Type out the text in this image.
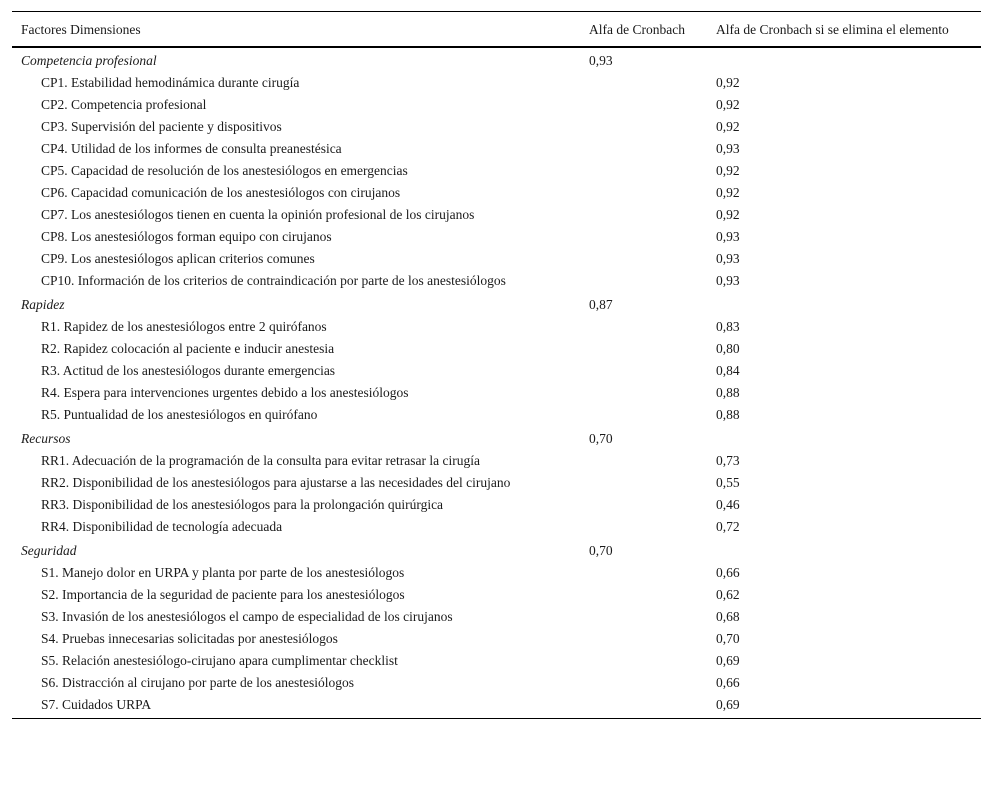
Factores Dimensiones	Alfa de Cronbach	Alfa de Cronbach si se elimina el elemento
Competencia profesional	0,93	
CP1. Estabilidad hemodinámica durante cirugía		0,92
CP2. Competencia profesional		0,92
CP3. Supervisión del paciente y dispositivos		0,92
CP4. Utilidad de los informes de consulta preanestésica		0,93
CP5. Capacidad de resolución de los anestesiólogos en emergencias		0,92
CP6. Capacidad comunicación de los anestesiólogos con cirujanos		0,92
CP7. Los anestesiólogos tienen en cuenta la opinión profesional de los cirujanos		0,92
CP8. Los anestesiólogos forman equipo con cirujanos		0,93
CP9. Los anestesiólogos aplican criterios comunes		0,93
CP10. Información de los criterios de contraindicación por parte de los anestesiólogos		0,93
Rapidez	0,87	
R1. Rapidez de los anestesiólogos entre 2 quirófanos		0,83
R2. Rapidez colocación al paciente e inducir anestesia		0,80
R3. Actitud de los anestesiólogos durante emergencias		0,84
R4. Espera para intervenciones urgentes debido a los anestesiólogos		0,88
R5. Puntualidad de los anestesiólogos en quirófano		0,88
Recursos	0,70	
RR1. Adecuación de la programación de la consulta para evitar retrasar la cirugía		0,73
RR2. Disponibilidad de los anestesiólogos para ajustarse a las necesidades del cirujano		0,55
RR3. Disponibilidad de los anestesiólogos para la prolongación quirúrgica		0,46
RR4. Disponibilidad de tecnología adecuada		0,72
Seguridad	0,70	
S1. Manejo dolor en URPA y planta por parte de los anestesiólogos		0,66
S2. Importancia de la seguridad de paciente para los anestesiólogos		0,62
S3. Invasión de los anestesiólogos el campo de especialidad de los cirujanos		0,68
S4. Pruebas innecesarias solicitadas por anestesiólogos		0,70
S5. Relación anestesiólogo-cirujano apara cumplimentar checklist		0,69
S6. Distracción al cirujano por parte de los anestesiólogos		0,66
S7. Cuidados URPA		0,69
